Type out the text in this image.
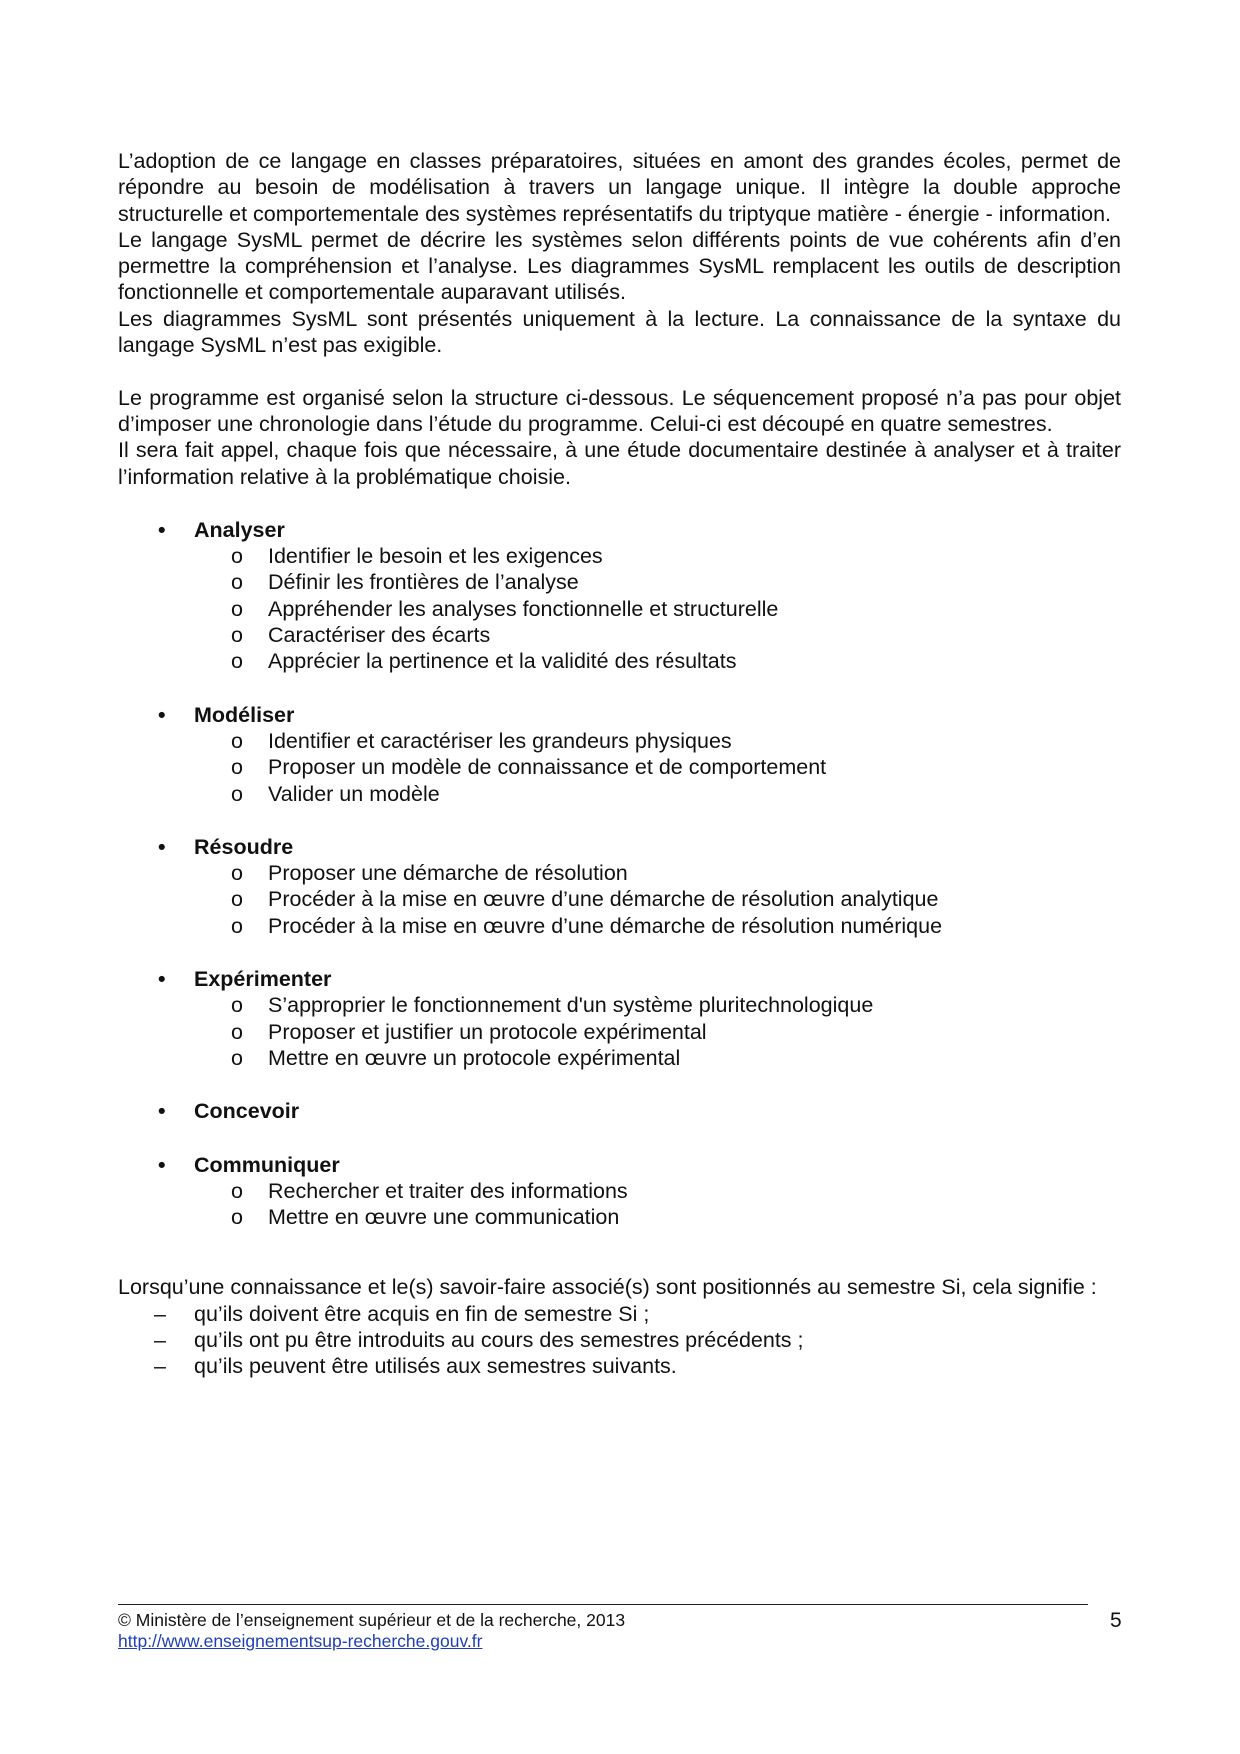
L’adoption de ce langage en classes préparatoires, situées en amont des grandes écoles, permet de répondre au besoin de modélisation à travers un langage unique. Il intègre la double approche structurelle et comportementale des systèmes représentatifs du triptyque matière - énergie - information.

Le langage SysML permet de décrire les systèmes selon différents points de vue cohérents afin d’en permettre la compréhension et l’analyse. Les diagrammes SysML remplacent les outils de description fonctionnelle et comportementale auparavant utilisés.

Les diagrammes SysML sont présentés uniquement à la lecture. La connaissance de la syntaxe du langage SysML n’est pas exigible.

Le programme est organisé selon la structure ci-dessous. Le séquencement proposé n’a pas pour objet d’imposer une chronologie dans l’étude du programme. Celui-ci est découpé en quatre semestres.

Il sera fait appel, chaque fois que nécessaire, à une étude documentaire destinée à analyser et à traiter l’information relative à la problématique choisie.

•	Analyser
o	Identifier le besoin et les exigences
o	Définir les frontières de l’analyse
o	Appréhender les analyses fonctionnelle et structurelle
o	Caractériser des écarts
o	Apprécier la pertinence et la validité des résultats
•	Modéliser
o	Identifier et caractériser les grandeurs physiques
o	Proposer un modèle de connaissance et de comportement
o	Valider un modèle
•	Résoudre
o	Proposer une démarche de résolution
o	Procéder à la mise en œuvre d’une démarche de résolution analytique
o	Procéder à la mise en œuvre d’une démarche de résolution numérique
•	Expérimenter
o	S’approprier le fonctionnement d'un système pluritechnologique
o	Proposer et justifier un protocole expérimental
o	Mettre en œuvre un protocole expérimental
•	Concevoir
•	Communiquer
o	Rechercher et traiter des informations
o	Mettre en œuvre une communication

Lorsqu’une connaissance et le(s) savoir-faire associé(s) sont positionnés au semestre Si, cela signifie :

–	qu’ils doivent être acquis en fin de semestre Si ;
–	qu’ils ont pu être introduits au cours des semestres précédents ;
–	qu’ils peuvent être utilisés aux semestres suivants.
© Ministère de l’enseignement supérieur et de la recherche, 2013
http://www.enseignementsup-recherche.gouv.fr
5
